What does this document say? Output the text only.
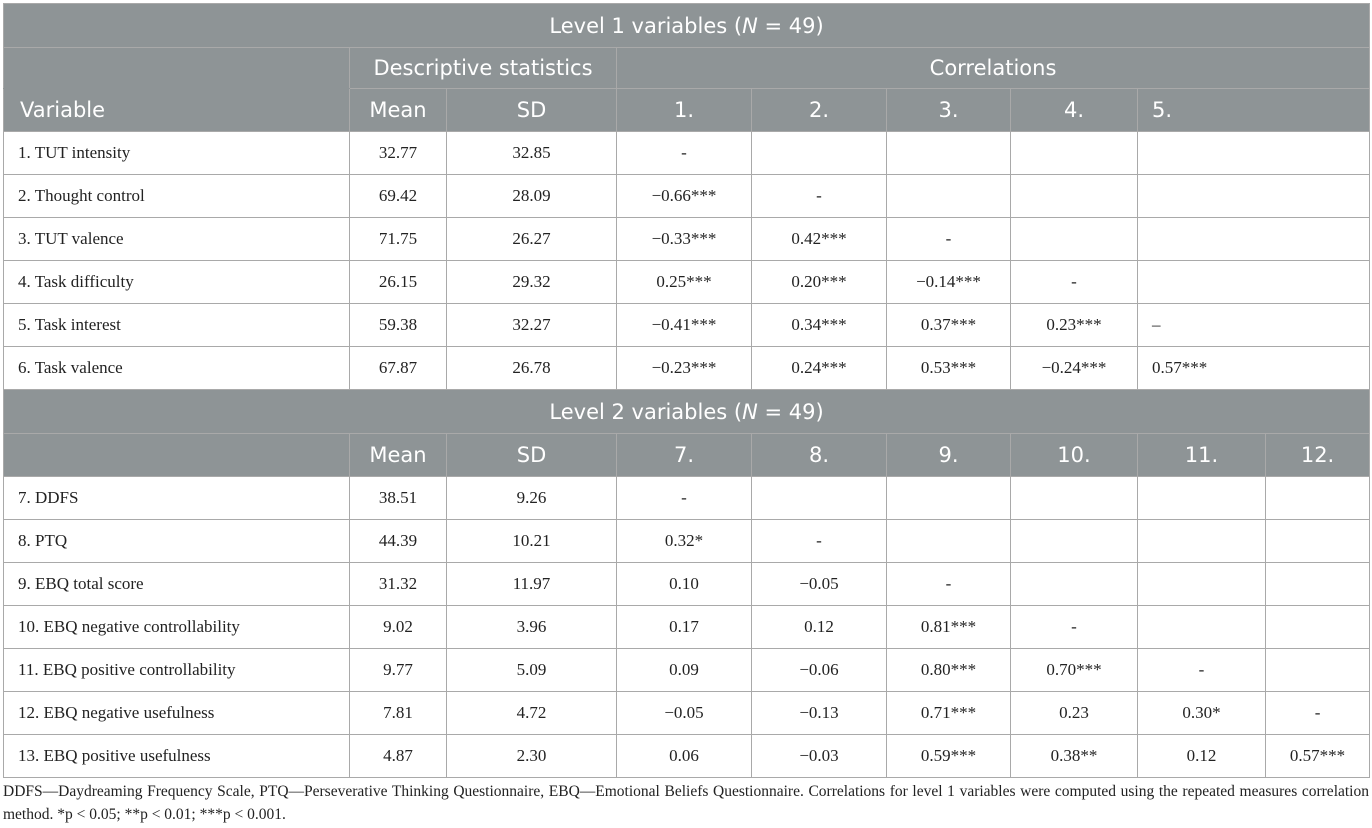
Level 1 variables (N = 49)								
	Descriptive statistics		Correlations					
Variable	Mean	SD	1.	2.	3.	4.	5.	
1. TUT intensity	32.77	32.85	-					
2. Thought control	69.42	28.09	−0.66***	-				
3. TUT valence	71.75	26.27	−0.33***	0.42***	-			
4. Task difficulty	26.15	29.32	0.25***	0.20***	−0.14***	-		
5. Task interest	59.38	32.27	−0.41***	0.34***	0.37***	0.23***	–	
6. Task valence	67.87	26.78	−0.23***	0.24***	0.53***	−0.24***	0.57***	
Level 2 variables (N = 49)								
	Mean	SD	7.	8.	9.	10.	11.	12.
7. DDFS	38.51	9.26	-					
8. PTQ	44.39	10.21	0.32*	-				
9. EBQ total score	31.32	11.97	0.10	−0.05	-			
10. EBQ negative controllability	9.02	3.96	0.17	0.12	0.81***	-		
11. EBQ positive controllability	9.77	5.09	0.09	−0.06	0.80***	0.70***	-	
12. EBQ negative usefulness	7.81	4.72	−0.05	−0.13	0.71***	0.23	0.30*	-
13. EBQ positive usefulness	4.87	2.30	0.06	−0.03	0.59***	0.38**	0.12	0.57***
DDFS—Daydreaming Frequency Scale, PTQ—Perseverative Thinking Questionnaire, EBQ—Emotional Beliefs Questionnaire. Correlations for level 1 variables were computed using the repeated measures correlation method. *p < 0.05; **p < 0.01; ***p < 0.001.
